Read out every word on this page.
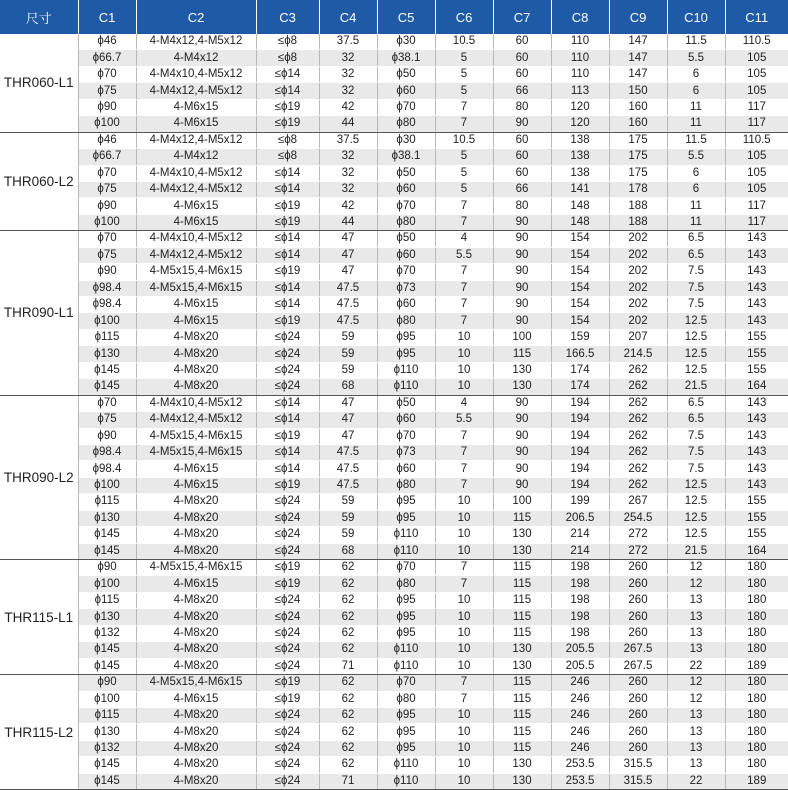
尺寸	C1	C2	C3	C4	C5	C6	C7	C8	C9	C10	C11
THR060-L1	ϕ46	4-M4x12,4-M5x12	≤ϕ8	37.5	ϕ30	10.5	60	110	147	11.5	110.5
	ϕ66.7	4-M4x12	≤ϕ8	32	ϕ38.1	5	60	110	147	5.5	105
	ϕ70	4-M4x10,4-M5x12	≤ϕ14	32	ϕ50	5	60	110	147	6	105
	ϕ75	4-M4x12,4-M5x12	≤ϕ14	32	ϕ60	5	66	113	150	6	105
	ϕ90	4-M6x15	≤ϕ19	42	ϕ70	7	80	120	160	11	117
	ϕ100	4-M6x15	≤ϕ19	44	ϕ80	7	90	120	160	11	117
THR060-L2	ϕ46	4-M4x12,4-M5x12	≤ϕ8	37.5	ϕ30	10.5	60	138	175	11.5	110.5
	ϕ66.7	4-M4x12	≤ϕ8	32	ϕ38.1	5	60	138	175	5.5	105
	ϕ70	4-M4x10,4-M5x12	≤ϕ14	32	ϕ50	5	60	138	175	6	105
	ϕ75	4-M4x12,4-M5x12	≤ϕ14	32	ϕ60	5	66	141	178	6	105
	ϕ90	4-M6x15	≤ϕ19	42	ϕ70	7	80	148	188	11	117
	ϕ100	4-M6x15	≤ϕ19	44	ϕ80	7	90	148	188	11	117
THR090-L1	ϕ70	4-M4x10,4-M5x12	≤ϕ14	47	ϕ50	4	90	154	202	6.5	143
	ϕ75	4-M4x12,4-M5x12	≤ϕ14	47	ϕ60	5.5	90	154	202	6.5	143
	ϕ90	4-M5x15,4-M6x15	≤ϕ19	47	ϕ70	7	90	154	202	7.5	143
	ϕ98.4	4-M5x15,4-M6x15	≤ϕ14	47.5	ϕ73	7	90	154	202	7.5	143
	ϕ98.4	4-M6x15	≤ϕ14	47.5	ϕ60	7	90	154	202	7.5	143
	ϕ100	4-M6x15	≤ϕ19	47.5	ϕ80	7	90	154	202	12.5	143
	ϕ115	4-M8x20	≤ϕ24	59	ϕ95	10	100	159	207	12.5	155
	ϕ130	4-M8x20	≤ϕ24	59	ϕ95	10	115	166.5	214.5	12.5	155
	ϕ145	4-M8x20	≤ϕ24	59	ϕ110	10	130	174	262	12.5	155
	ϕ145	4-M8x20	≤ϕ24	68	ϕ110	10	130	174	262	21.5	164
THR090-L2	ϕ70	4-M4x10,4-M5x12	≤ϕ14	47	ϕ50	4	90	194	262	6.5	143
	ϕ75	4-M4x12,4-M5x12	≤ϕ14	47	ϕ60	5.5	90	194	262	6.5	143
	ϕ90	4-M5x15,4-M6x15	≤ϕ19	47	ϕ70	7	90	194	262	7.5	143
	ϕ98.4	4-M5x15,4-M6x15	≤ϕ14	47.5	ϕ73	7	90	194	262	7.5	143
	ϕ98.4	4-M6x15	≤ϕ14	47.5	ϕ60	7	90	194	262	7.5	143
	ϕ100	4-M6x15	≤ϕ19	47.5	ϕ80	7	90	194	262	12.5	143
	ϕ115	4-M8x20	≤ϕ24	59	ϕ95	10	100	199	267	12.5	155
	ϕ130	4-M8x20	≤ϕ24	59	ϕ95	10	115	206.5	254.5	12.5	155
	ϕ145	4-M8x20	≤ϕ24	59	ϕ110	10	130	214	272	12.5	155
	ϕ145	4-M8x20	≤ϕ24	68	ϕ110	10	130	214	272	21.5	164
THR115-L1	ϕ90	4-M5x15,4-M6x15	≤ϕ19	62	ϕ70	7	115	198	260	12	180
	ϕ100	4-M6x15	≤ϕ19	62	ϕ80	7	115	198	260	12	180
	ϕ115	4-M8x20	≤ϕ24	62	ϕ95	10	115	198	260	13	180
	ϕ130	4-M8x20	≤ϕ24	62	ϕ95	10	115	198	260	13	180
	ϕ132	4-M8x20	≤ϕ24	62	ϕ95	10	115	198	260	13	180
	ϕ145	4-M8x20	≤ϕ24	62	ϕ110	10	130	205.5	267.5	13	180
	ϕ145	4-M8x20	≤ϕ24	71	ϕ110	10	130	205.5	267.5	22	189
THR115-L2	ϕ90	4-M5x15,4-M6x15	≤ϕ19	62	ϕ70	7	115	246	260	12	180
	ϕ100	4-M6x15	≤ϕ19	62	ϕ80	7	115	246	260	12	180
	ϕ115	4-M8x20	≤ϕ24	62	ϕ95	10	115	246	260	13	180
	ϕ130	4-M8x20	≤ϕ24	62	ϕ95	10	115	246	260	13	180
	ϕ132	4-M8x20	≤ϕ24	62	ϕ95	10	115	246	260	13	180
	ϕ145	4-M8x20	≤ϕ24	62	ϕ110	10	130	253.5	315.5	13	180
	ϕ145	4-M8x20	≤ϕ24	71	ϕ110	10	130	253.5	315.5	22	189
